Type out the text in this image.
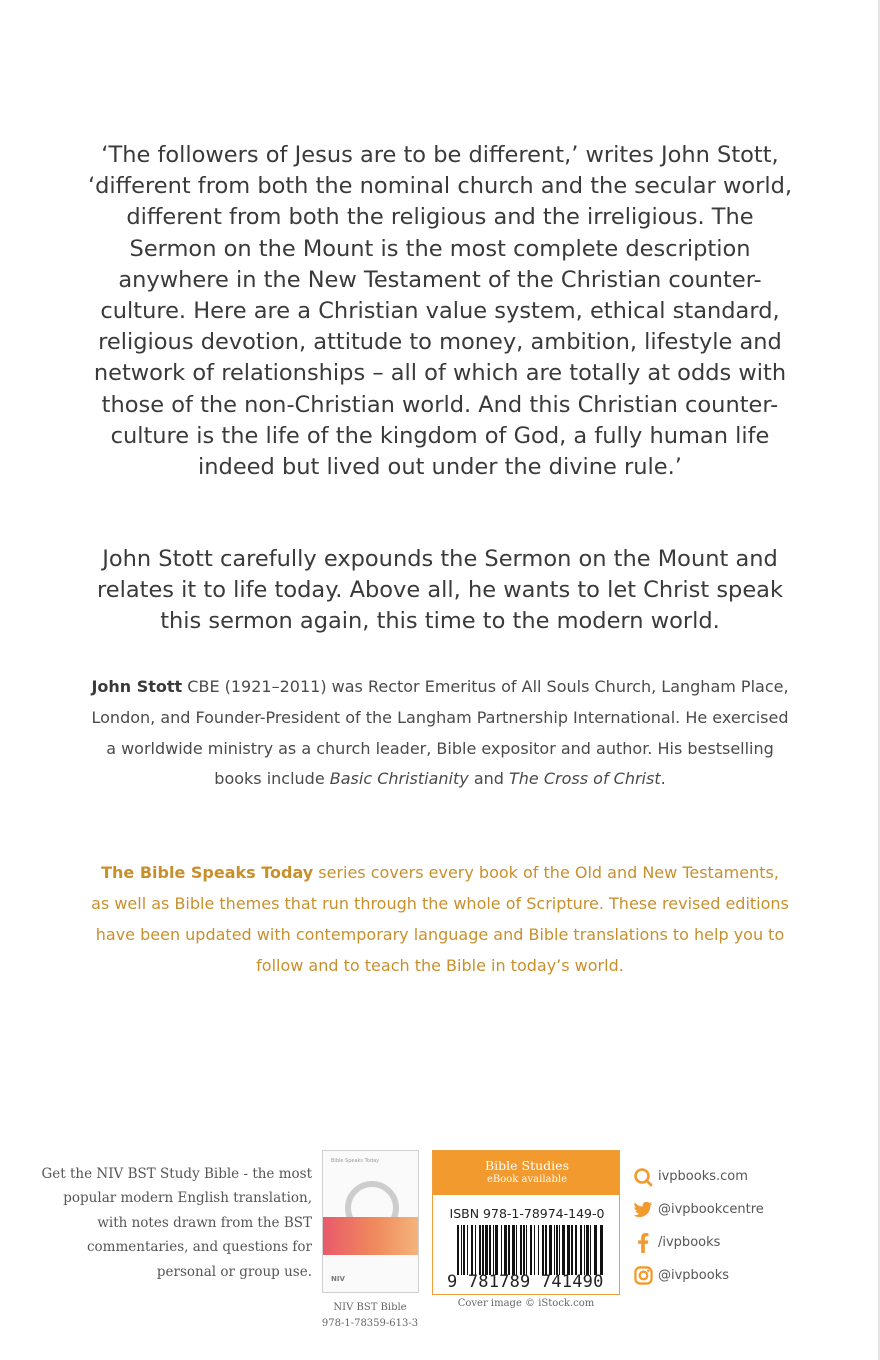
‘The followers of Jesus are to be different,’ writes John Stott, ‘different from both the nominal church and the secular world, different from both the religious and the irreligious. The Sermon on the Mount is the most complete description anywhere in the New Testament of the Christian counter-culture. Here are a Christian value system, ethical standard, religious devotion, attitude to money, ambition, lifestyle and network of relationships – all of which are totally at odds with those of the non-Christian world. And this Christian counter-culture is the life of the kingdom of God, a fully human life indeed but lived out under the divine rule.’

John Stott carefully expounds the Sermon on the Mount and relates it to life today. Above all, he wants to let Christ speak this sermon again, this time to the modern world.

John Stott CBE (1921–2011) was Rector Emeritus of All Souls Church, Langham Place, London, and Founder-President of the Langham Partnership International. He exercised a worldwide ministry as a church leader, Bible expositor and author. His bestselling books include Basic Christianity and The Cross of Christ.

The Bible Speaks Today series covers every book of the Old and New Testaments, as well as Bible themes that run through the whole of Scripture. These revised editions have been updated with contemporary language and Bible translations to help you to follow and to teach the Bible in today’s world.

Get the NIV BST Study Bible - the most popular modern English translation, with notes drawn from the BST commentaries, and questions for personal or group use.

Bible Speaks Today
NIV
NIV BST Bible
978-1-78359-613-3
Bible Studies
eBook available
ISBN 978-1-78974-149-0
9 781789 741490
Cover image © iStock.com
ivpbooks.com
@ivpbookcentre
/ivpbooks
@ivpbooks
